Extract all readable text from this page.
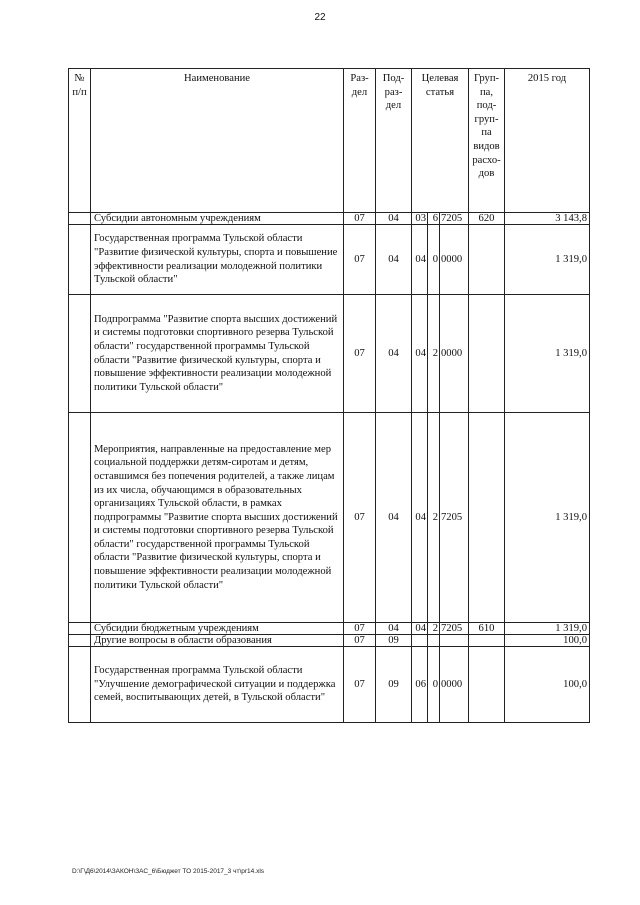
22
№ п/п	Наименование	Раз-дел	Под-раз-дел	Целевая статья			Груп-па, под-груп-па видов расхо-дов	2015 год
	Субсидии автономным учреждениям	07	04	03	6	7205	620	3 143,8
	Государственная программа Тульской области "Развитие физической культуры, спорта и повышение эффективности реализации молодежной политики Тульской области"	07	04	04	0	0000		1 319,0
	Подпрограмма "Развитие спорта высших достижений и системы подготовки спортивного резерва Тульской области" государственной программы Тульской области "Развитие физической культуры, спорта и повышение эффективности реализации молодежной политики Тульской области"	07	04	04	2	0000		1 319,0
	Мероприятия, направленные на предоставление мер социальной поддержки детям-сиротам и детям, оставшимся без попечения родителей, а также лицам из их числа, обучающимся в образовательных организациях Тульской области, в рамках подпрограммы "Развитие спорта высших достижений и системы подготовки спортивного резерва Тульской области" государственной программы Тульской области "Развитие физической культуры, спорта и повышение эффективности реализации молодежной политики Тульской области"	07	04	04	2	7205		1 319,0
	Субсидии бюджетным учреждениям	07	04	04	2	7205	610	1 319,0
	Другие вопросы в области образования	07	09					100,0
	Государственная программа Тульской области "Улучшение демографической ситуации и поддержка семей, воспитывающих детей, в Тульской области"	07	09	06	0	0000		100,0
D:\Г\Д6\2014\ЗАКОН\ЗАС_6\Бюджет ТО 2015-2017_3 чт\pr14.xls
